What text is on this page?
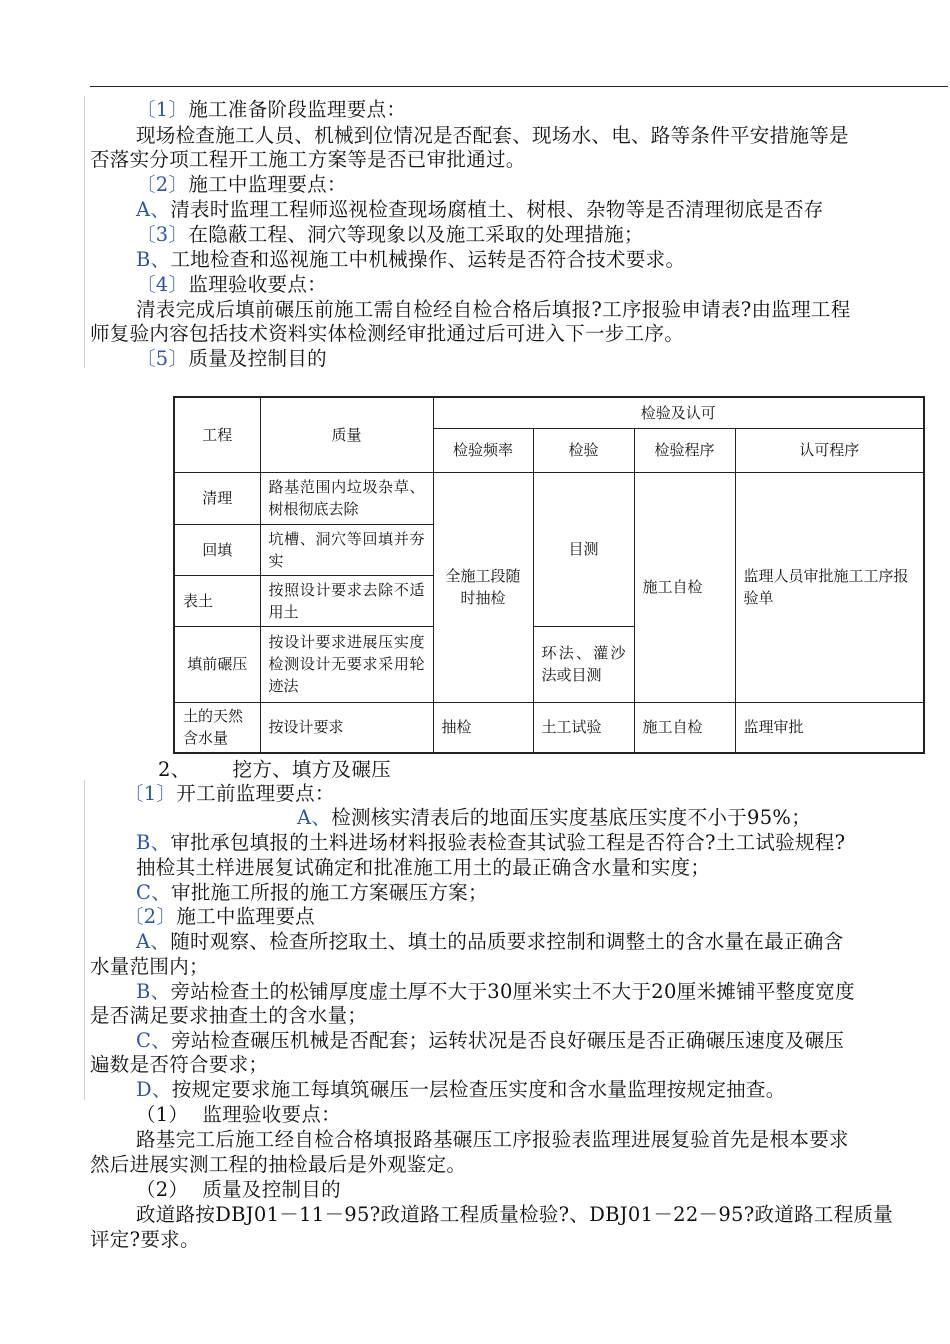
〔1〕施工准备阶段监理要点：
现场检查施工人员、机械到位情况是否配套、现场水、电、路等条件平安措施等是
否落实分项工程开工施工方案等是否已审批通过。
〔2〕施工中监理要点：
A、清表时监理工程师巡视检查现场腐植土、树根、杂物等是否清理彻底是否存
〔3〕在隐蔽工程、洞穴等现象以及施工采取的处理措施；
B、工地检查和巡视施工中机械操作、运转是否符合技术要求。
〔4〕监理验收要点：
清表完成后填前碾压前施工需自检经自检合格后填报?工序报验申请表?由监理工程
师复验内容包括技术资料实体检测经审批通过后可进入下一步工序。
〔5〕质量及控制目的
工程	质量	检验及认可			
		检验频率	检验	检验程序	认可程序
清理	路基范围内垃圾杂草、树根彻底去除	全施工段随时抽检	目测	施工自检	监理人员审批施工工序报验单
回填	坑槽、洞穴等回填并夯实				
表土	按照设计要求去除不适用土				
填前碾压	按设计要求进展压实度检测设计无要求采用轮迹法		环法、灌沙法或目测		
土的天然含水量	按设计要求	抽检	土工试验	施工自检	监理审批
2、 挖方、填方及碾压
〔1〕开工前监理要点：
A、检测核实清表后的地面压实度基底压实度不小于95%；
B、审批承包填报的土料进场材料报验表检查其试验工程是否符合?土工试验规程?
抽检其土样进展复试确定和批准施工用土的最正确含水量和实度；
C、审批施工所报的施工方案碾压方案；
〔2〕施工中监理要点
A、随时观察、检查所挖取土、填土的品质要求控制和调整土的含水量在最正确含
水量范围内；
B、旁站检查土的松铺厚度虚土厚不大于30厘米实土不大于20厘米摊铺平整度宽度
是否满足要求抽查土的含水量；
C、旁站检查碾压机械是否配套；运转状况是否良好碾压是否正确碾压速度及碾压
遍数是否符合要求；
D、按规定要求施工每填筑碾压一层检查压实度和含水量监理按规定抽查。
（1） 监理验收要点：
路基完工后施工经自检合格填报路基碾压工序报验表监理进展复验首先是根本要求
然后进展实测工程的抽检最后是外观鉴定。
（2） 质量及控制目的
政道路按DBJ01－11－95?政道路工程质量检验?、DBJ01－22－95?政道路工程质量
评定?要求。
